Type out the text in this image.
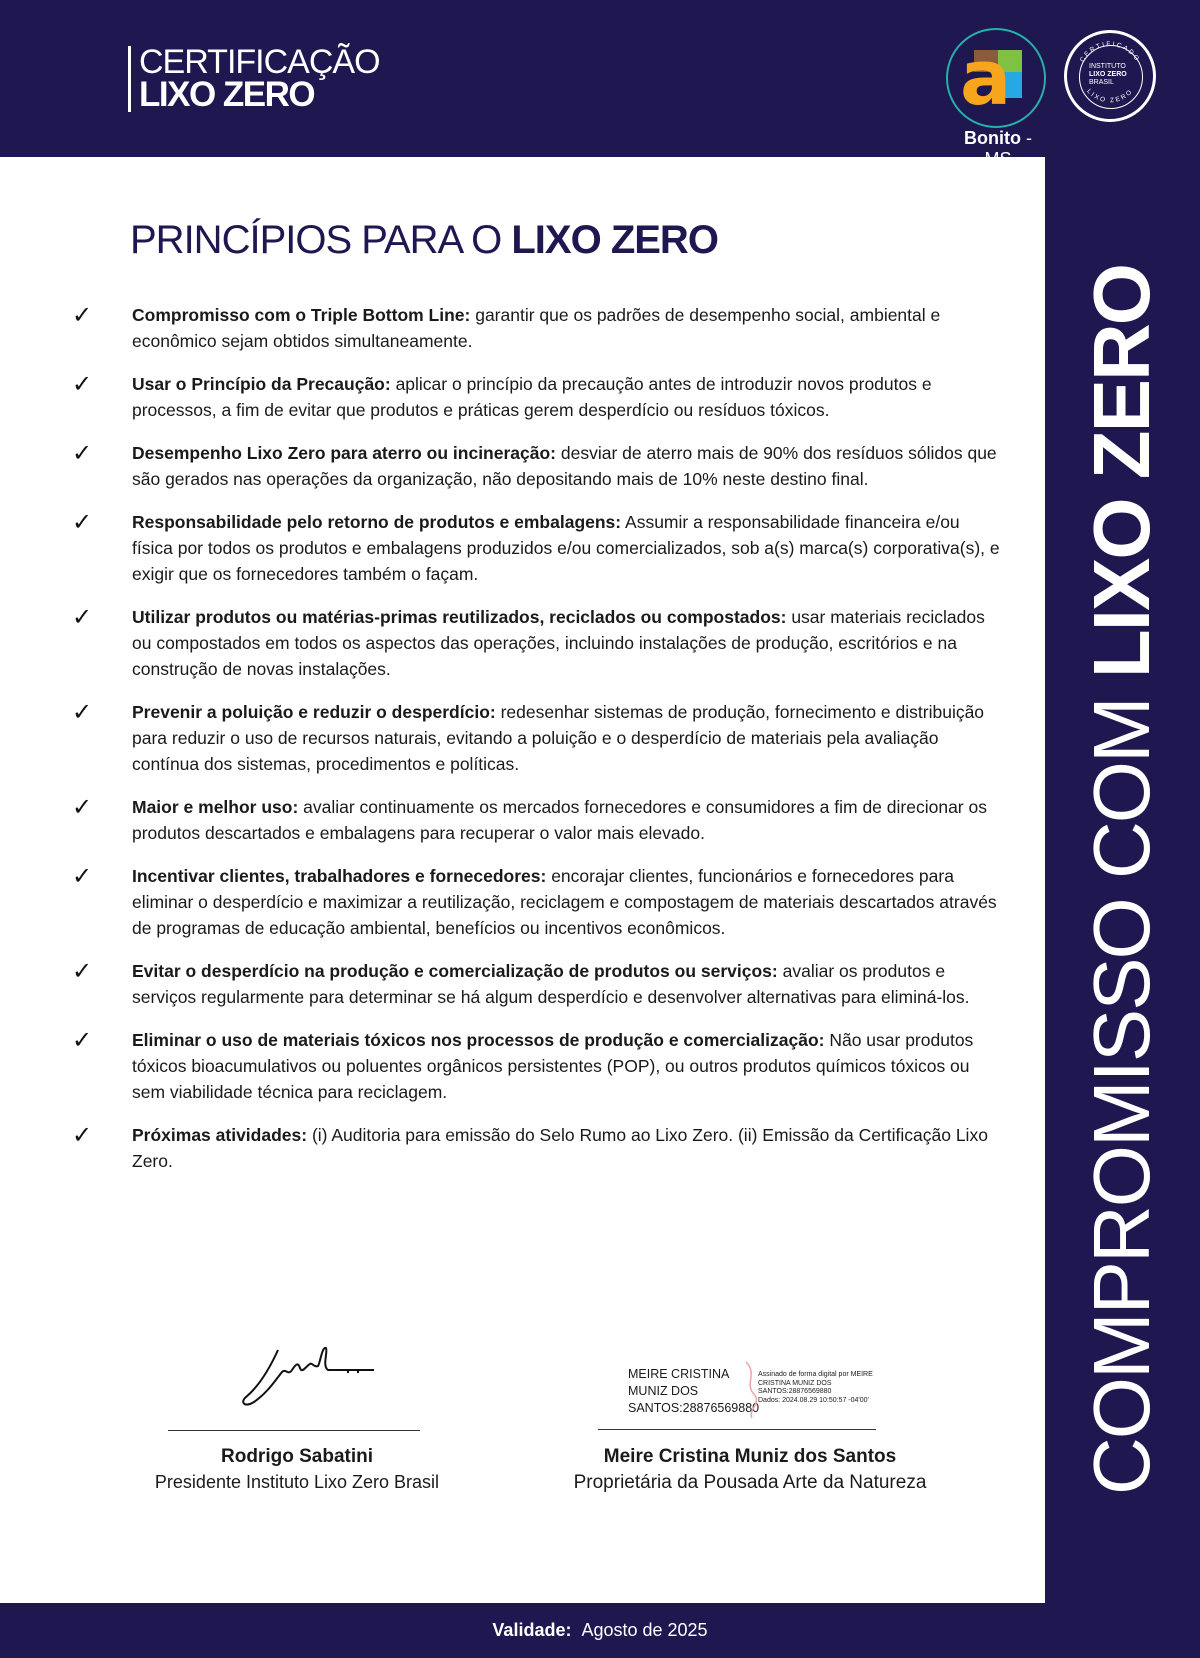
CERTIFICAÇÃO
LIXO ZERO	a
Bonito - MS
CERTIFICADO
LIXO ZERO
INSTITUTO
LIXO ZERO
BRASIL
COMPROMISSO COM LIXO ZERO
PRINCÍPIOS PARA O LIXO ZERO
✓ Compromisso com o Triple Bottom Line: garantir que os padrões de desempenho social, ambiental e econômico sejam obtidos simultaneamente.
✓ Usar o Princípio da Precaução: aplicar o princípio da precaução antes de introduzir novos produtos e processos, a fim de evitar que produtos e práticas gerem desperdício ou resíduos tóxicos.
✓ Desempenho Lixo Zero para aterro ou incineração: desviar de aterro mais de 90% dos resíduos sólidos que são gerados nas operações da organização, não depositando mais de 10% neste destino final.
✓ Responsabilidade pelo retorno de produtos e embalagens: Assumir a responsabilidade financeira e/ou física por todos os produtos e embalagens produzidos e/ou comercializados, sob a(s) marca(s) corporativa(s), e exigir que os fornecedores também o façam.
✓ Utilizar produtos ou matérias-primas reutilizados, reciclados ou compostados: usar materiais reciclados ou compostados em todos os aspectos das operações, incluindo instalações de produção, escritórios e na construção de novas instalações.
✓ Prevenir a poluição e reduzir o desperdício: redesenhar sistemas de produção, fornecimento e distribuição para reduzir o uso de recursos naturais, evitando a poluição e o desperdício de materiais pela avaliação contínua dos sistemas, procedimentos e políticas.
✓ Maior e melhor uso: avaliar continuamente os mercados fornecedores e consumidores a fim de direcionar os produtos descartados e embalagens para recuperar o valor mais elevado.
✓ Incentivar clientes, trabalhadores e fornecedores: encorajar clientes, funcionários e fornecedores para eliminar o desperdício e maximizar a reutilização, reciclagem e compostagem de materiais descartados através de programas de educação ambiental, benefícios ou incentivos econômicos.
✓ Evitar o desperdício na produção e comercialização de produtos ou serviços: avaliar os produtos e serviços regularmente para determinar se há algum desperdício e desenvolver alternativas para eliminá-los.
✓ Eliminar o uso de materiais tóxicos nos processos de produção e comercialização: Não usar produtos tóxicos bioacumulativos ou poluentes orgânicos persistentes (POP), ou outros produtos químicos tóxicos ou sem viabilidade técnica para reciclagem.
✓ Próximas atividades: (i) Auditoria para emissão do Selo Rumo ao Lixo Zero. (ii) Emissão da Certificação Lixo Zero.
Rodrigo Sabatini
Presidente Instituto Lixo Zero Brasil
MEIRE CRISTINA
MUNIZ DOS
SANTOS:28876569880
Assinado de forma digital por MEIRE
CRISTINA MUNIZ DOS
SANTOS:28876569880
Dados: 2024.08.29 10:50:57 -04'00'
Meire Cristina Muniz dos Santos
Proprietária da Pousada Arte da Natureza
Validade: Agosto de 2025
